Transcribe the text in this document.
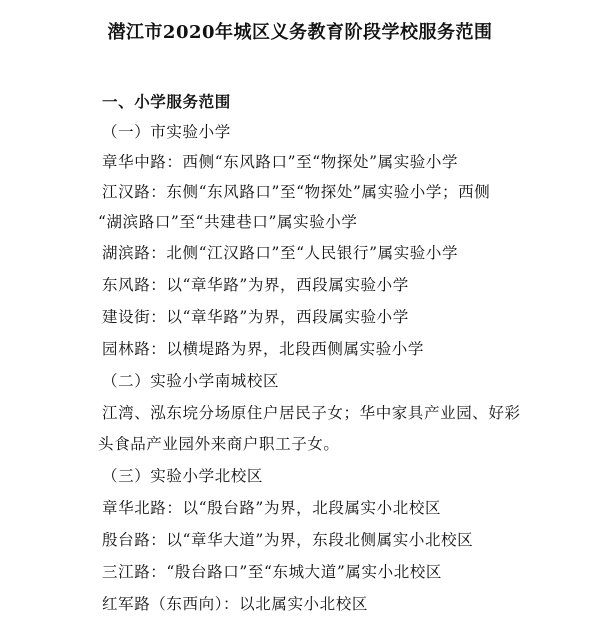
潜江市2020年城区义务教育阶段学校服务范围
一、小学服务范围
（一）市实验小学
章华中路：西侧“东风路口”至“物探处”属实验小学
江汉路：东侧“东风路口”至“物探处”属实验小学；西侧
“湖滨路口”至“共建巷口”属实验小学
湖滨路：北侧“江汉路口”至“人民银行”属实验小学
东风路：以“章华路”为界，西段属实验小学
建设街：以“章华路”为界，西段属实验小学
园林路：以横堤路为界，北段西侧属实验小学
（二）实验小学南城校区
江湾、泓东垸分场原住户居民子女；华中家具产业园、好彩
头食品产业园外来商户职工子女。
（三）实验小学北校区
章华北路：以“殷台路”为界，北段属实小北校区
殷台路：以“章华大道”为界，东段北侧属实小北校区
三江路：“殷台路口”至“东城大道”属实小北校区
红军路（东西向）：以北属实小北校区
